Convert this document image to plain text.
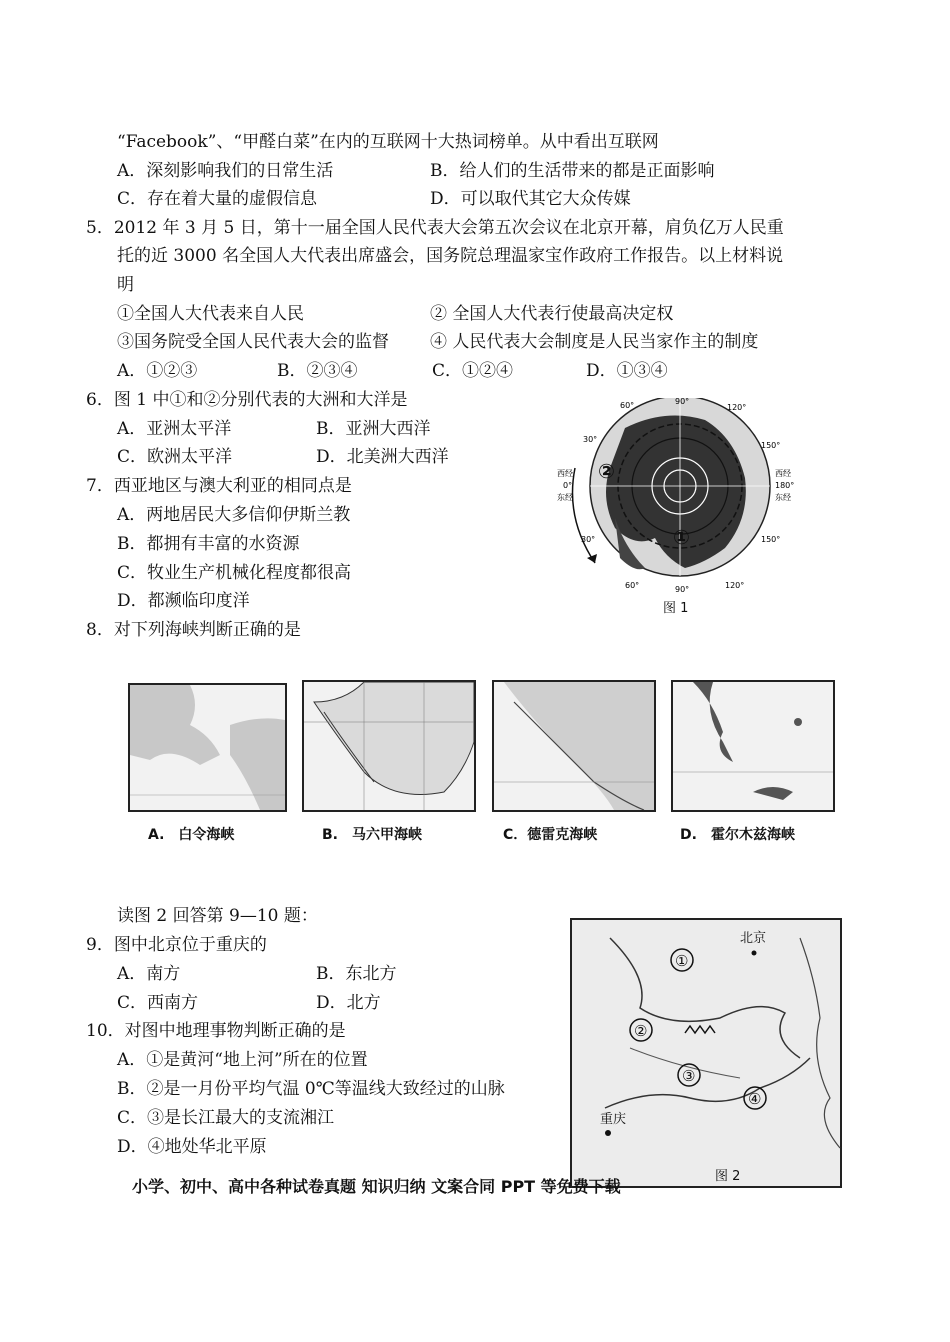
“Facebook”、“甲醛白菜”在内的互联网十大热词榜单。从中看出互联网
A．深刻影响我们的日常生活	B．给人们的生活带来的都是正面影响
C．存在着大量的虚假信息	D．可以取代其它大众传媒
5．2012 年 3 月 5 日，第十一届全国人民代表大会第五次会议在北京开幕，肩负亿万人民重
托的近 3000 名全国人大代表出席盛会，国务院总理温家宝作政府工作报告。以上材料说
明
①全国人大代表来自人民	② 全国人大代表行使最高决定权
③国务院受全国人民代表大会的监督 ④ 人民代表大会制度是人民当家作主的制度
A．①②③	B．②③④	C．①②④	D．①③④
6．图 1 中①和②分别代表的大洲和大洋是
A．亚洲太平洋	B．亚洲大西洋
C．欧洲太平洋	D．北美洲大西洋
7．西亚地区与澳大利亚的相同点是
A．两地居民大多信仰伊斯兰教
B．都拥有丰富的水资源
C．牧业生产机械化程度都很高
D．都濒临印度洋
8．对下列海峡判断正确的是
60°	90°
120°
30°
150°
30°	150°
西经
0°
东经
西经
180°
东经
60°	90°	120°
②
①
图 1
A.　白令海峡	B.　马六甲海峡	C．德雷克海峡	D.　霍尔木兹海峡
读图 2 回答第 9—10 题：
9．图中北京位于重庆的
A．南方	B．东北方
C．西南方	D．北方
10．对图中地理事物判断正确的是
A．①是黄河“地上河”所在的位置
B．②是一月份平均气温 0℃等温线大致经过的山脉
C．③是长江最大的支流湘江
D．④地处华北平原
①
②
③
④
北京
重庆
图 2
小学、初中、高中各种试卷真题 知识归纳 文案合同 PPT 等免费下载
